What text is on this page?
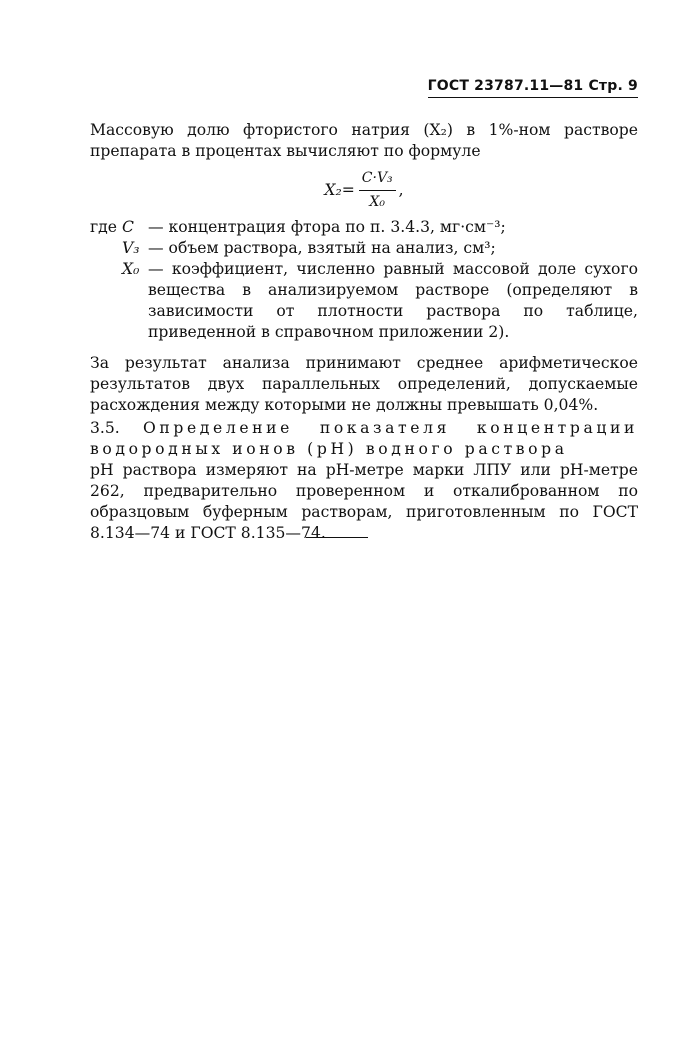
ГОСТ 23787.11—81 Стр. 9

Массовую долю фтористого натрия (X₂) в 1%-ном растворе препарата в процентах вычисляют по формуле

$X_2= \frac{\text{C·V₃}}{\text{X₀}}$ ,
где C — концентрация фтора по п. 3.4.3, мг·см⁻³;
V₃ — объем раствора, взятый на анализ, см³;
X₀ — коэффициент, численно равный массовой доле сухого вещества в анализируемом растворе (определяют в зависимости от плотности раствора по таблице, приведенной в справочном приложении 2).

За результат анализа принимают среднее арифметическое результатов двух параллельных определений, допускаемые расхождения между которыми не должны превышать 0,04%.

3.5. Определение показателя концентрации водородных ионов (pH) водного раствора

pH раствора измеряют на pH-метре марки ЛПУ или pH-метре 262, предварительно проверенном и откалиброванном по образцовым буферным растворам, приготовленным по ГОСТ 8.134—74 и ГОСТ 8.135—74.
